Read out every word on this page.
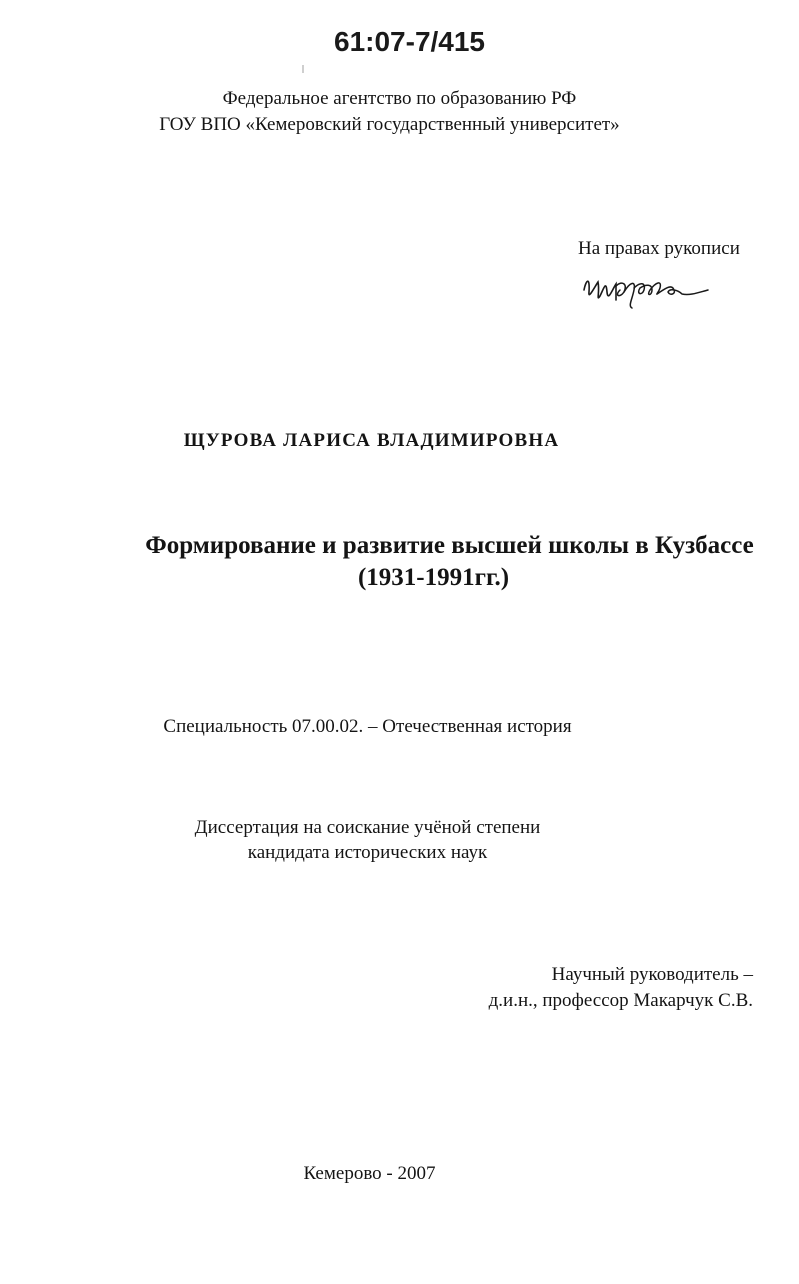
61:07-7/415
Федеральное агентство по образованию РФ
ГОУ ВПО «Кемеровский государственный университет»
На правах рукописи
ЩУРОВА ЛАРИСА ВЛАДИМИРОВНА
Формирование и развитие высшей школы в Кузбассе
(1931-1991гг.)
Специальность 07.00.02. – Отечественная история
Диссертация на соискание учёной степени
кандидата исторических наук
Научный руководитель –
д.и.н., профессор Макарчук С.В.
Кемерово - 2007
